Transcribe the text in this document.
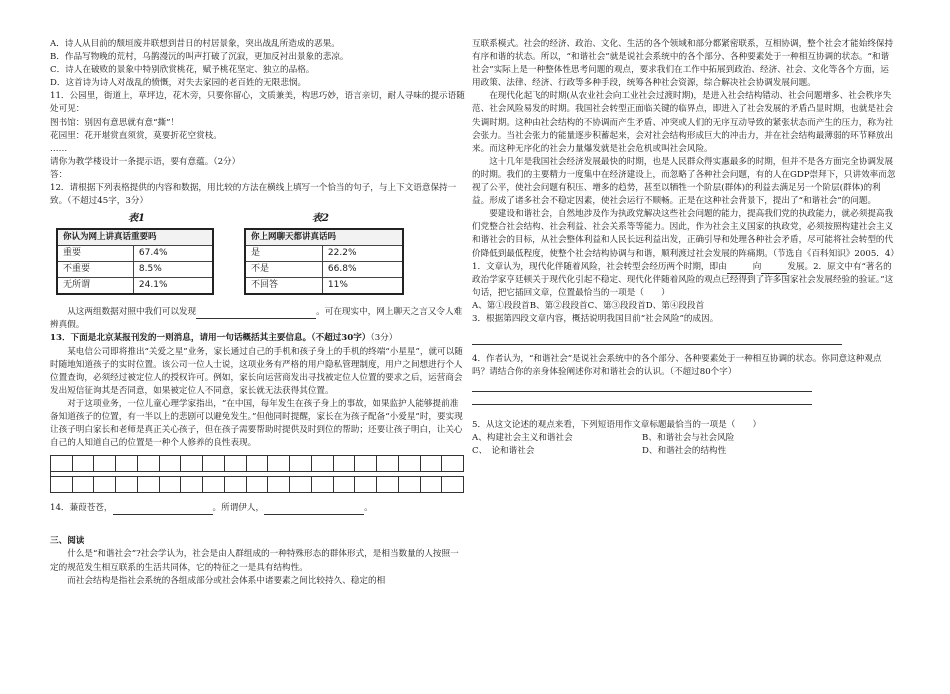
A．诗人从目前的颓垣废井联想到昔日的村居景象，突出战乱所造成的恶果。

B．作品写物晚的荒村，乌鹊漫沅的叫声打破了沉寂，更加反衬出景象的悲凉。

C．诗人在破败的景象中特别欣赏桃花，赋予桃花坚定、独立的品格。

D．这首诗为诗人对战乱的愤慨，对失去家园的老百姓的无限悲悯。

11．公园里，街道上，草坪边，花木旁，只要你留心，文质兼美，构思巧妙，语言亲切，耐人寻味的提示语随处可见：

图书馆：别因有意思就有意“撕”！

花园里：花开堪赏直须赏，莫要折花空赏枝。

……

请你为教学楼设计一条提示语，要有意蕴。（2分）

答：

12．请根据下列表格提供的内容和数据，用比较的方法在横线上填写一个恰当的句子，与上下文语意保持一致。（不超过45字，3分）

表1	表2
你认为网上讲真话重要吗	
重要	67.4%
不重要	8.5%
无所谓	24.1%
你上网聊天都讲真话吗	
是	22.2%
不是	66.8%
不回答	11%

从这两组数据对照中我们可以发现	。可在现实中，网上聊天之言又令人难辨真假。

13．下面是北京某报刊发的一则消息，请用一句话概括其主要信息。（不超过30字）（3分）

某电信公司即将推出“关爱之星”业务，家长通过自己的手机和孩子身上的手机的终端“小星星”，就可以随时随地知道孩子的实时位置。该公司一位人士说，这项业务有严格的用户隐私管理制度，用户之间想进行个人位置查询，必须经过被定位人的授权许可。例如，家长向运营商发出寻找被定位人位置的要求之后，运营商会发出短信征询其是否同意，如果被定位人不同意，家长就无法获得其位置。

对于这项业务，一位儿童心理学家指出，“在中国，每年发生在孩子身上的事故，如果监护人能够提前准备知道孩子的位置，有一半以上的悲剧可以避免发生。”但他同时提醒，家长在为孩子配备“小爱星”时，要实现让孩子明白家长和老师是真正关心孩子，但在孩子需要帮助时提供及时到位的帮助；还要让孩子明白，让关心自己的人知道自己的位置是一种个人修养的良性表现。

14．蒹葭苍苍，	。所谓伊人，	。

三、阅读

什么是“和谐社会”?社会学认为，社会是由人群组成的一种特殊形态的群体形式，是相当数量的人按照一定的规范发生相互联系的生活共同体，它的特征之一是具有结构性。

而社会结构是指社会系统的各组成部分或社会体系中诸要素之间比较持久、稳定的相

互联系模式。社会的经济、政治、文化、生活的各个领域和部分都紧密联系，互相协调，整个社会才能始终保持有序和谐的状态。所以，“和谐社会”就是说社会系统中的各个部分、各种要素处于一种相互协调的状态。“和谐社会”实际上是一种整体性思考问题的观点，要求我们在工作中拓展到政治、经济、社会、文化等各个方面，运用政策、法律、经济、行政等多种手段，统筹各种社会资源，综合解决社会协调发展问题。

在现代化起飞的时期(从农业社会向工业社会过渡时期)，是进入社会结构错动、社会问题增多、社会秩序失范、社会风险易发的时期。我国社会转型正面临关键的临界点，即进入了社会发展的矛盾凸显时期，也就是社会失调时期。这种由社会结构的不协调而产生矛盾、冲突或人们的无序互动导致的紧张状态而产生的压力，称为社会张力。当社会张力的能量逐步积蓄起来，会对社会结构形成巨大的冲击力，并在社会结构最薄弱的环节释放出来。而这种无序化的社会力量爆发就是社会危机或叫社会风险。

这十几年是我国社会经济发展最快的时期，也是人民群众得实惠最多的时期，但并不是各方面完全协调发展的时期。我们的主要精力一度集中在经济建设上，而忽略了各种社会问题，有的人在GDP崇拜下，只讲效率而忽视了公平，使社会问题有积压、增多的趋势，甚至以牺牲一个阶层(群体)的利益去满足另一个阶层(群体)的利益。形成了诸多社会不稳定因素，使社会运行不顺畅。正是在这种社会背景下，提出了“和谐社会”的问题。

要建设和谐社会，自然地涉及作为执政党解决这些社会问题的能力，提高我们党的执政能力，就必须提高我们党整合社会结构、社会利益、社会关系等等能力。因此，作为社会主义国家的执政党，必须按照构建社会主义和谐社会的目标，从社会整体利益和人民长远利益出发，正确引导和处理各种社会矛盾，尽可能将社会转型的代价降低到最低程度，使整个社会结构协调与和谐，顺利渡过社会发展的阵痛期。（节选自《百科知识》2005．4）

1．文章认为，现代化伴随着风险，社会转型会经历两个时期，即由	向	发展。2．原文中有“著名的政治学家亨廷顿关于现代化引起不稳定、现代化伴随着风险的观点已经得到了许多国家社会发展经验的验证。”这句话，把它插回文章，位置最恰当的一项是（　　）

A、第①段段首B、第②段段首C、第③段段首D、第④段段首

3．根据第四段文章内容，概括说明我国目前“社会风险”的成因。

4．作者认为，“和谐社会”是说社会系统中的各个部分、各种要素处于一种相互协调的状态。你同意这种观点吗？请结合你的亲身体验阐述你对和谐社会的认识。（不超过80个字）

5．从这文论述的观点来看，下列短语用作文章标题最恰当的一项是（　　）

A、构建社会主义和谐社会	B、和谐社会与社会风险
C、　论和谐社会	D、和谐社会的结构性
